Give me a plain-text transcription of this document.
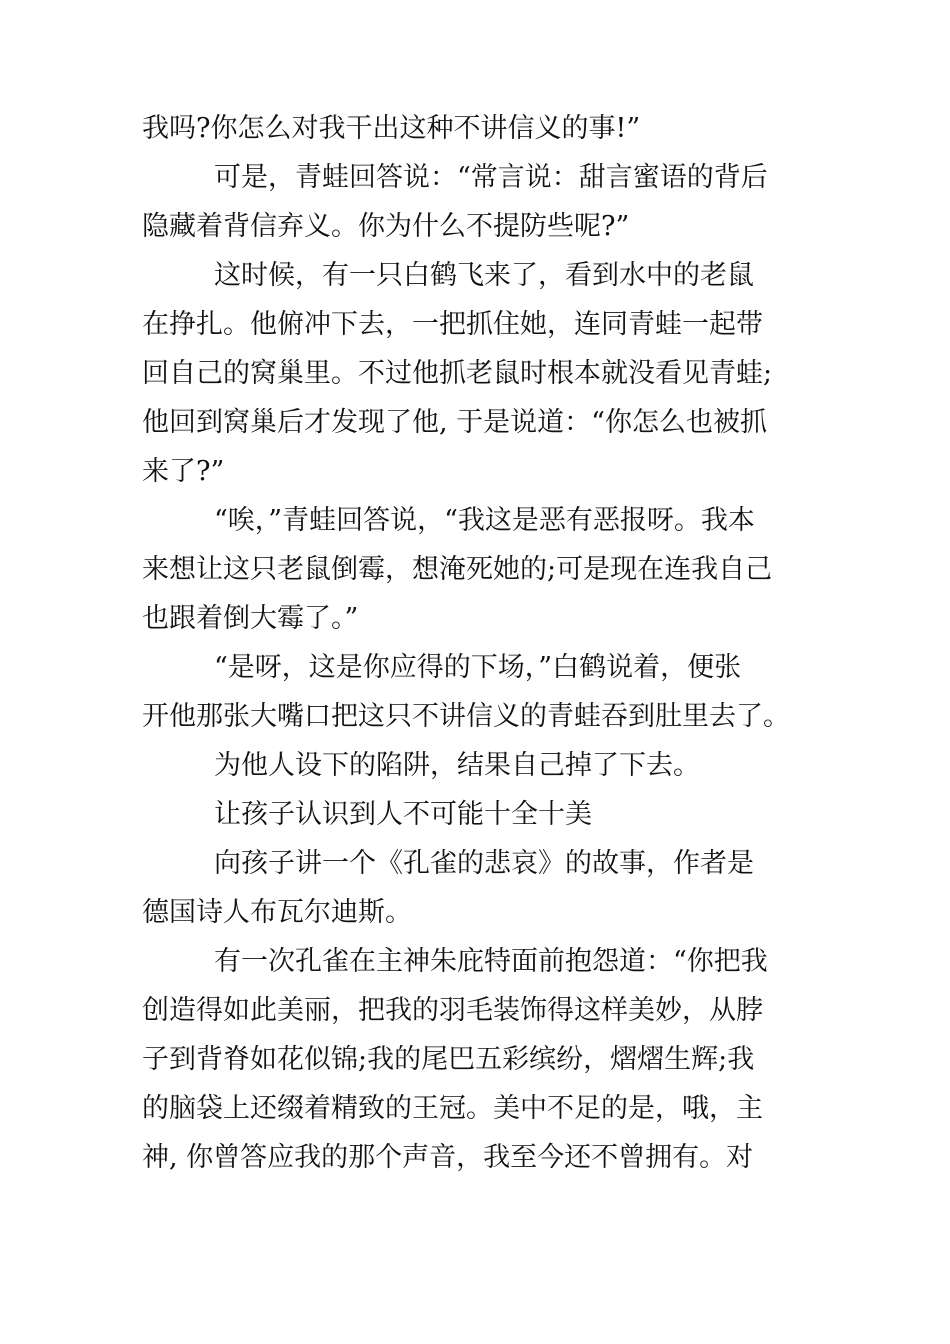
我吗?你怎么对我干出这种不讲信义的事!”
可是，青蛙回答说：“常言说：甜言蜜语的背后
隐藏着背信弃义。你为什么不提防些呢?”
这时候，有一只白鹤飞来了，看到水中的老鼠
在挣扎。他俯冲下去，一把抓住她，连同青蛙一起带
回自己的窝巢里。不过他抓老鼠时根本就没看见青蛙;
他回到窝巢后才发现了他, 于是说道：“你怎么也被抓
来了?”
“唉，”青蛙回答说，“我这是恶有恶报呀。我本
来想让这只老鼠倒霉，想淹死她的;可是现在连我自己
也跟着倒大霉了。”
“是呀，这是你应得的下场，”白鹤说着，便张
开他那张大嘴口把这只不讲信义的青蛙吞到肚里去了。
为他人设下的陷阱，结果自己掉了下去。
让孩子认识到人不可能十全十美
向孩子讲一个《孔雀的悲哀》的故事，作者是
德国诗人布瓦尔迪斯。
有一次孔雀在主神朱庇特面前抱怨道：“你把我
创造得如此美丽，把我的羽毛装饰得这样美妙，从脖
子到背脊如花似锦;我的尾巴五彩缤纷，熠熠生辉;我
的脑袋上还缀着精致的王冠。美中不足的是，哦，主
神, 你曾答应我的那个声音，我至今还不曾拥有。对
